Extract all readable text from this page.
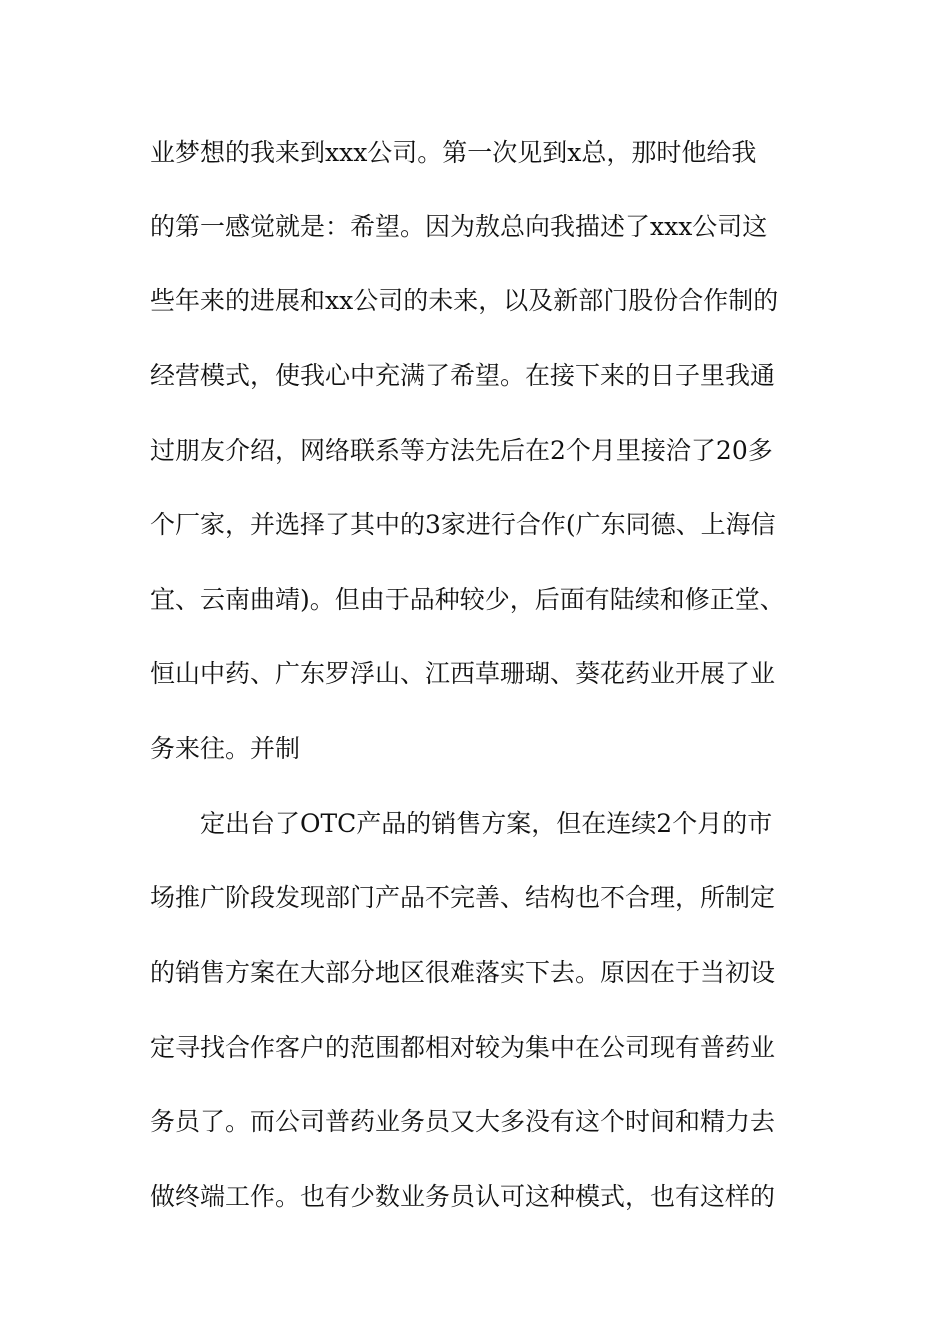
业梦想的我来到xxx公司。第一次见到x总，那时他给我
的第一感觉就是：希望。因为敖总向我描述了xxx公司这
些年来的进展和xx公司的未来，以及新部门股份合作制的
经营模式，使我心中充满了希望。在接下来的日子里我通
过朋友介绍，网络联系等方法先后在2个月里接洽了20多
个厂家，并选择了其中的3家进行合作(广东同德、上海信
宜、云南曲靖)。但由于品种较少，后面有陆续和修正堂、
恒山中药、广东罗浮山、江西草珊瑚、葵花药业开展了业
务来往。并制
定出台了OTC产品的销售方案，但在连续2个月的市
场推广阶段发现部门产品不完善、结构也不合理，所制定
的销售方案在大部分地区很难落实下去。原因在于当初设
定寻找合作客户的范围都相对较为集中在公司现有普药业
务员了。而公司普药业务员又大多没有这个时间和精力去
做终端工作。也有少数业务员认可这种模式，也有这样的
